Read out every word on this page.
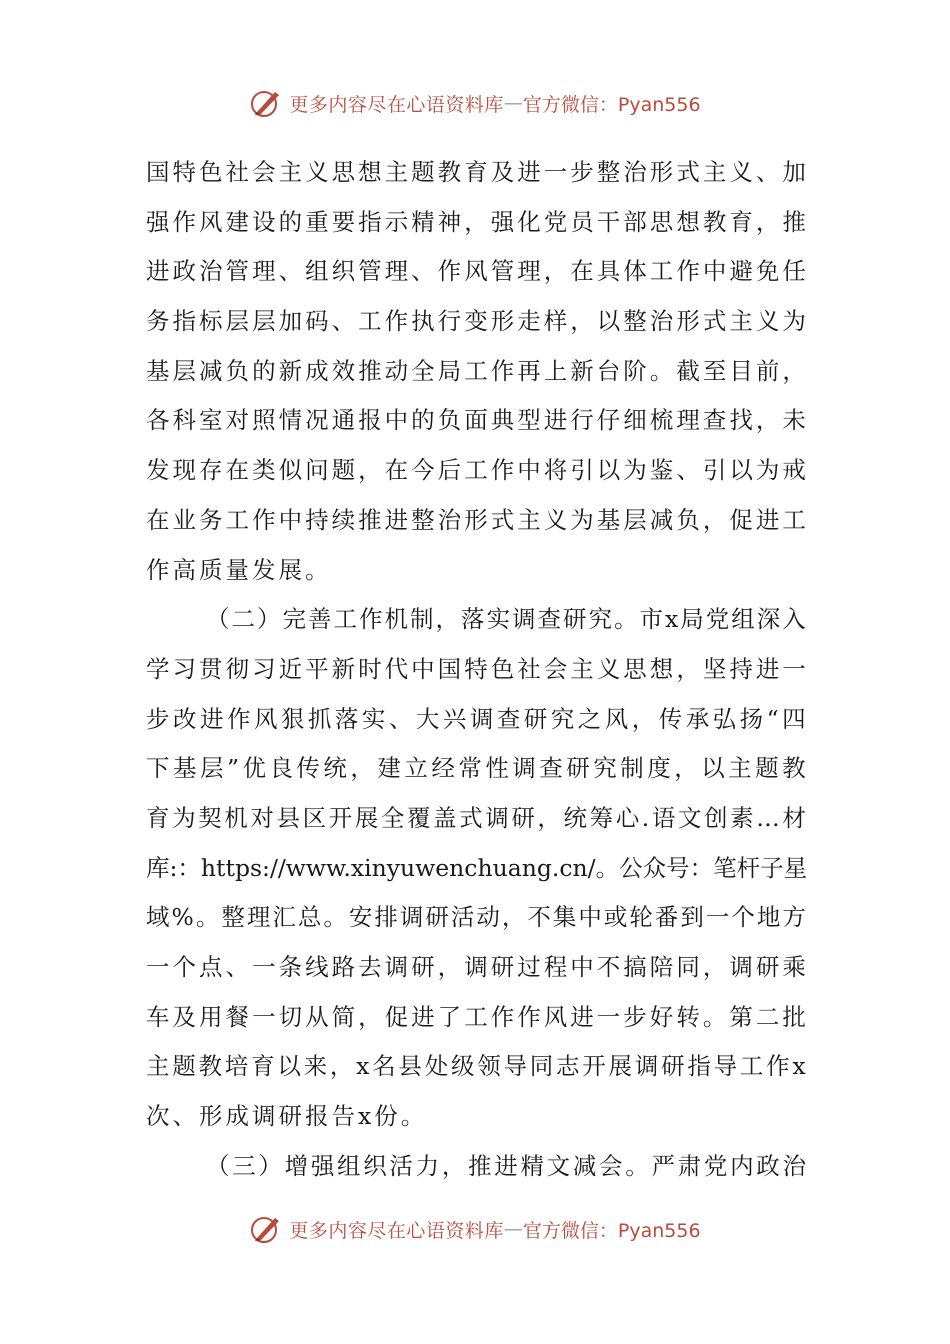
更多内容尽在心语资料库 — 官方微信：Pyan556
国 特 色 社 会 主 义 思 想 主 题 教 育 及 进 一 步 整 治 形 式 主 义 、 加
强 作 风 建 设 的 重 要 指 示 精 神 ， 强 化 党 员 干 部 思 想 教 育 ， 推
进 政 治 管 理 、 组 织 管 理 、 作 风 管 理 ， 在 具 体 工 作 中 避 免 任
务 指 标 层 层 加 码 、 工 作 执 行 变 形 走 样 ， 以 整 治 形 式 主 义 为
基 层 减 负 的 新 成 效 推 动 全 局 工 作 再 上 新 台 阶 。 截 至 目 前 ，
各 科 室 对 照 情 况 通 报 中 的 负 面 典 型 进 行 仔 细 梳 理 查 找 ， 未
发 现 存 在 类 似 问 题 ， 在 今 后 工 作 中 将 引 以 为 鉴 、 引 以 为 戒
在 业 务 工 作 中 持 续 推 进 整 治 形 式 主 义 为 基 层 减 负 ， 促 进 工
作高质量发展。
（ 二 ） 完 善 工 作 机 制 ， 落 实 调 查 研 究 。 市 x 局 党 组 深 入
学 习 贯 彻 习 近 平 新 时 代 中 国 特 色 社 会 主 义 思 想 ， 坚 持 进 一
步 改 进 作 风 狠 抓 落 实 、 大 兴 调 查 研 究 之 风 ， 传 承 弘 扬 “ 四
下 基 层 ” 优 良 传 统 ， 建 立 经 常 性 调 查 研 究 制 度 ， 以 主 题 教
育 为 契 机 对 县 区 开 展 全 覆 盖 式 调 研 ， 统 筹 心 . 语 文 创 素 … 材
库 : ： https://www.xinyuwenchuang.cn/ 。 公 众 号 ： 笔 杆 子 星
域 % 。 整 理 汇 总 。 安 排 调 研 活 动 ， 不 集 中 或 轮 番 到 一 个 地 方
一 个 点 、 一 条 线 路 去 调 研 ， 调 研 过 程 中 不 搞 陪 同 ， 调 研 乘
车 及 用 餐 一 切 从 简 ， 促 进 了 工 作 作 风 进 一 步 好 转 。 第 二 批
主 题 教 培 育 以 来 ， x 名 县 处 级 领 导 同 志 开 展 调 研 指 导 工 作 x
次、形成调研报告x份。
（ 三 ） 增 强 组 织 活 力 ， 推 进 精 文 减 会 。 严 肃 党 内 政 治
更多内容尽在心语资料库 — 官方微信：Pyan556
